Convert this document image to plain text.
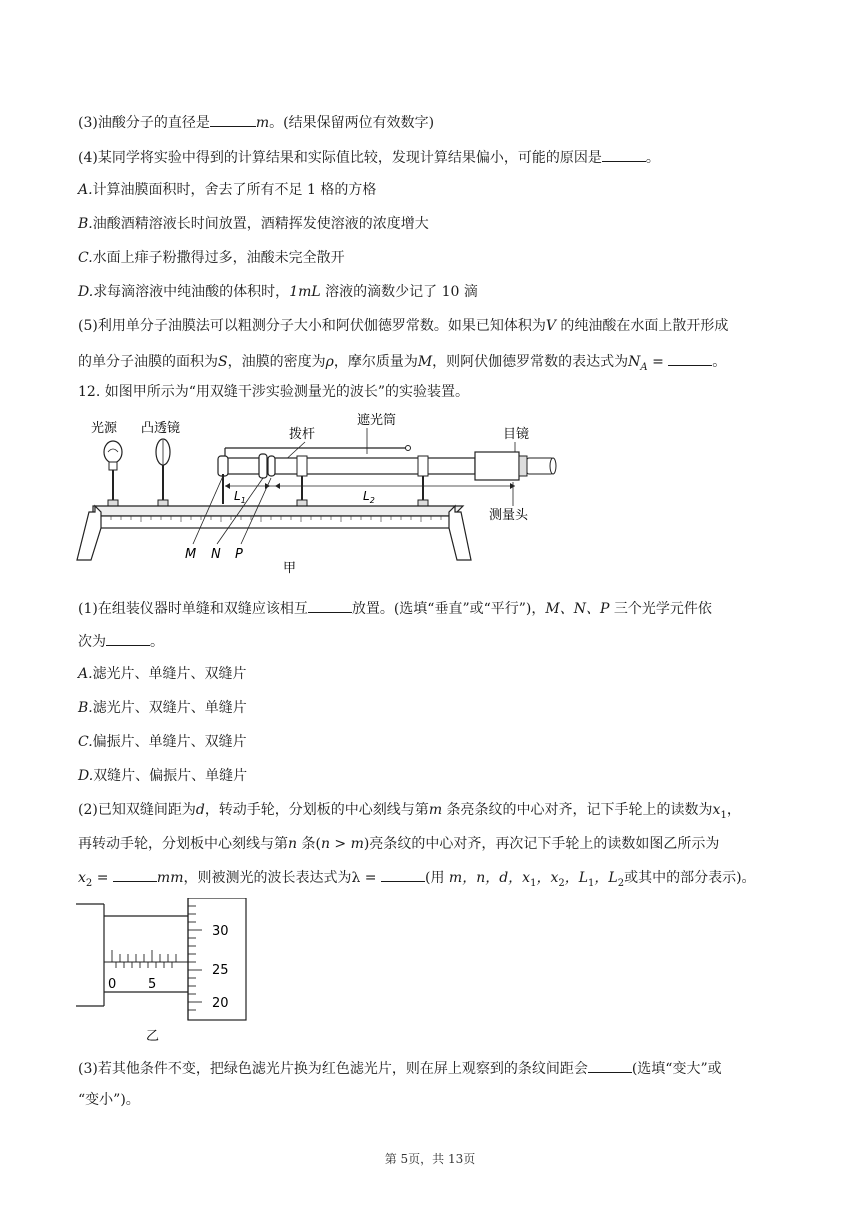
(3)油酸分子的直径是	m。(结果保留两位有效数字)
(4)某同学将实验中得到的计算结果和实际值比较，发现计算结果偏小，可能的原因是	。
A.计算油膜面积时，舍去了所有不足 1 格的方格
B.油酸酒精溶液长时间放置，酒精挥发使溶液的浓度增大
C.水面上痱子粉撒得过多，油酸未完全散开
D.求每滴溶液中纯油酸的体积时，1mL 溶液的滴数少记了 10 滴
(5)利用单分子油膜法可以粗测分子大小和阿伏伽德罗常数。如果已知体积为V 的纯油酸在水面上散开形成
的单分子油膜的面积为S，油膜的密度为ρ，摩尔质量为M，则阿伏伽德罗常数的表达式为$N_A$ =	。
12. 如图甲所示为“用双缝干涉实验测量光的波长”的实验装置。
光源 凸透镜	拨杆
遮光筒
目镜
测量头
$L_1$	$L_2$
M N P
甲
(1)在组装仪器时单缝和双缝应该相互	放置。(选填“垂直”或“平行”)，M、N、P 三个光学元件依
次为	。
A.滤光片、单缝片、双缝片
B.滤光片、双缝片、单缝片
C.偏振片、单缝片、双缝片
D.双缝片、偏振片、单缝片
(2)已知双缝间距为d，转动手轮，分划板的中心刻线与第m 条亮条纹的中心对齐，记下手轮上的读数为$x_1$，
再转动手轮，分划板中心刻线与第n 条(n > m)亮条纹的中心对齐，再次记下手轮上的读数如图乙所示为
$x_2$ =	mm，则被测光的波长表达式为λ =	(用 m，n，d，$x_1$，$x_2$，$L_1$，$L_2$或其中的部分表示)。
0 5
30
25
20
乙
(3)若其他条件不变，把绿色滤光片换为红色滤光片，则在屏上观察到的条纹间距会	(选填“变大”或
“变小”)。
第 5页，共 13页
